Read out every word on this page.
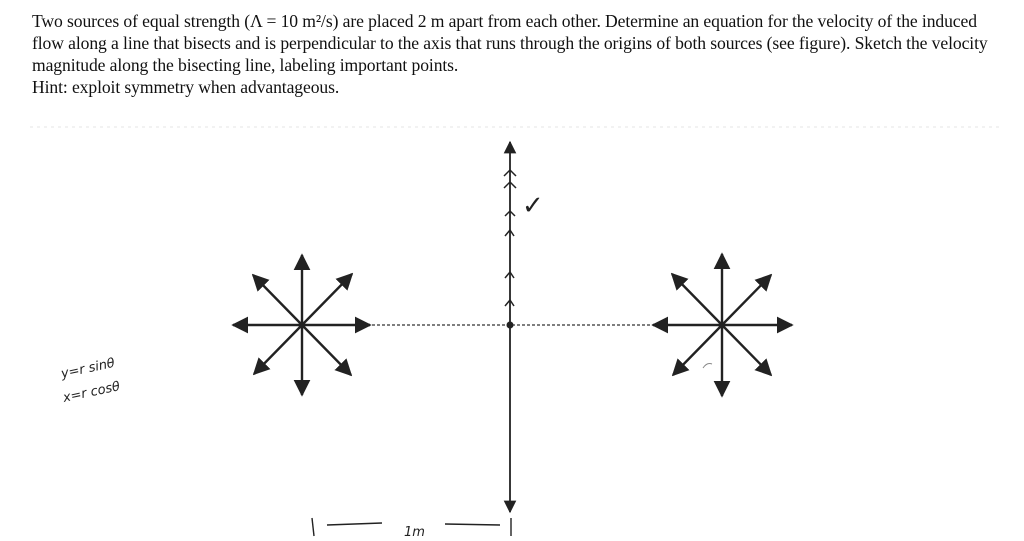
Two sources of equal strength (Λ = 10 m²/s) are placed 2 m apart from each other. Determine an equation for the velocity of the induced flow along a line that bisects and is perpendicular to the axis that runs through the origins of both sources (see figure). Sketch the velocity magnitude along the bisecting line, labeling important points.

Hint: exploit symmetry when advantageous.

✓
y=r sinθ
x=r cosθ
1m
